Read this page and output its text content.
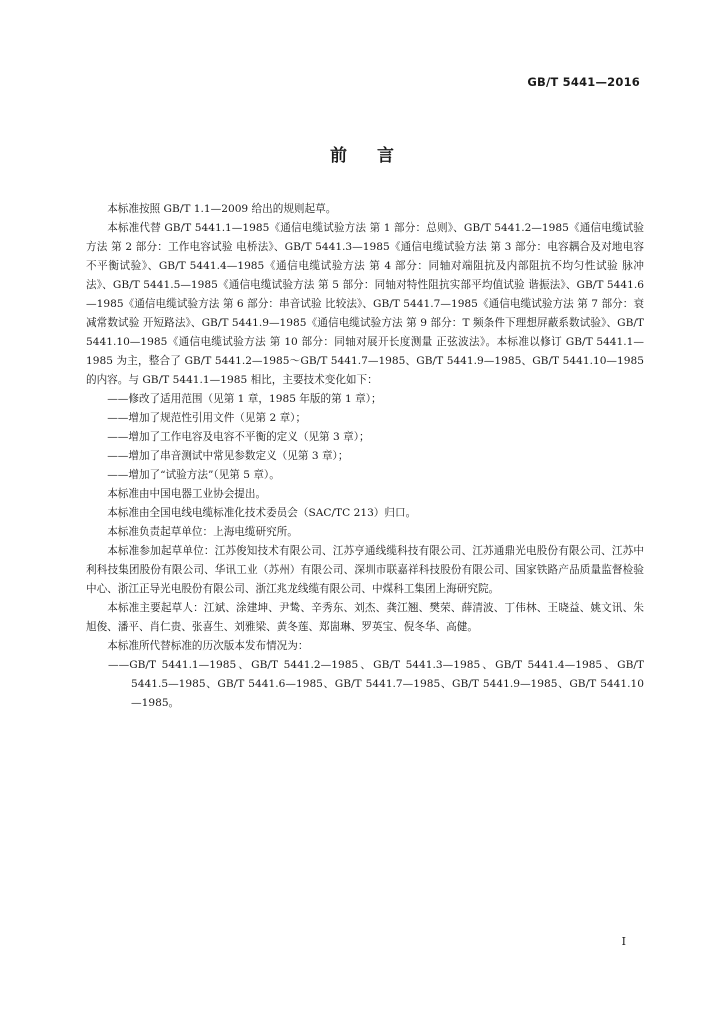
GB/T 5441—2016
前言

本标准按照 GB/T 1.1—2009 给出的规则起草。

本标准代替 GB/T 5441.1—1985《通信电缆试验方法 第 1 部分：总则》、GB/T 5441.2—1985《通信电缆试验方法 第 2 部分：工作电容试验 电桥法》、GB/T 5441.3—1985《通信电缆试验方法 第 3 部分：电容耦合及对地电容不平衡试验》、GB/T 5441.4—1985《通信电缆试验方法 第 4 部分：同轴对端阻抗及内部阻抗不均匀性试验 脉冲法》、GB/T 5441.5—1985《通信电缆试验方法 第 5 部分：同轴对特性阻抗实部平均值试验 谐振法》、GB/T 5441.6—1985《通信电缆试验方法 第 6 部分：串音试验 比较法》、GB/T 5441.7—1985《通信电缆试验方法 第 7 部分：衰减常数试验 开短路法》、GB/T 5441.9—1985《通信电缆试验方法 第 9 部分：T 频条件下理想屏蔽系数试验》、GB/T 5441.10—1985《通信电缆试验方法 第 10 部分：同轴对展开长度测量 正弦波法》。本标准以修订 GB/T 5441.1—1985 为主，整合了 GB/T 5441.2—1985～GB/T 5441.7—1985、GB/T 5441.9—1985、GB/T 5441.10—1985 的内容。与 GB/T 5441.1—1985 相比，主要技术变化如下：

——修改了适用范围（见第 1 章，1985 年版的第 1 章）；

——增加了规范性引用文件（见第 2 章）；

——增加了工作电容及电容不平衡的定义（见第 3 章）；

——增加了串音测试中常见参数定义（见第 3 章）；

——增加了“试验方法”（见第 5 章）。

本标准由中国电器工业协会提出。

本标准由全国电线电缆标准化技术委员会（SAC/TC 213）归口。

本标准负责起草单位：上海电缆研究所。

本标准参加起草单位：江苏俊知技术有限公司、江苏亨通线缆科技有限公司、江苏通鼎光电股份有限公司、江苏中利科技集团股份有限公司、华讯工业（苏州）有限公司、深圳市联嘉祥科技股份有限公司、国家铁路产品质量监督检验中心、浙江正导光电股份有限公司、浙江兆龙线缆有限公司、中煤科工集团上海研究院。

本标准主要起草人：江斌、涂建坤、尹鸷、辛秀东、刘杰、龚江翘、樊荣、薛清波、丁伟林、王晓益、姚文讯、朱旭俊、潘平、肖仁贵、张喜生、刘雅梁、黄冬莲、郑崮琳、罗英宝、倪冬华、高健。

本标准所代替标准的历次版本发布情况为：

——GB/T 5441.1—1985、GB/T 5441.2—1985、GB/T 5441.3—1985、GB/T 5441.4—1985、GB/T 5441.5—1985、GB/T 5441.6—1985、GB/T 5441.7—1985、GB/T 5441.9—1985、GB/T 5441.10—1985。

I
